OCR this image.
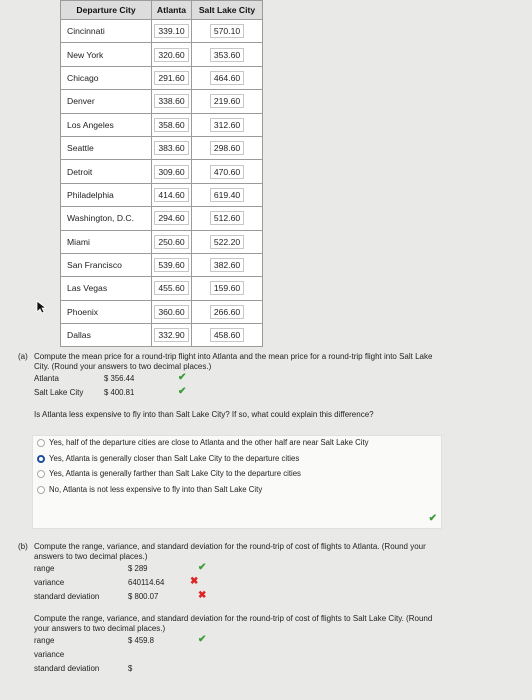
Departure City	Atlanta	Salt Lake City
Cincinnati	339.10	570.10
New York	320.60	353.60
Chicago	291.60	464.60
Denver	338.60	219.60
Los Angeles	358.60	312.60
Seattle	383.60	298.60
Detroit	309.60	470.60
Philadelphia	414.60	619.40
Washington, D.C.	294.60	512.60
Miami	250.60	522.20
San Francisco	539.60	382.60
Las Vegas	455.60	159.60
Phoenix	360.60	266.60
Dallas	332.90	458.60
(a) Compute the mean price for a round-trip flight into Atlanta and the mean price for a round-trip flight into Salt Lake
City. (Round your answers to two decimal places.)
Atlanta	$ 356.44	✔
Salt Lake City	$ 400.81	✔
Is Atlanta less expensive to fly into than Salt Lake City? If so, what could explain this difference?
Yes, half of the departure cities are close to Atlanta and the other half are near Salt Lake City
Yes, Atlanta is generally closer than Salt Lake City to the departure cities
Yes, Atlanta is generally farther than Salt Lake City to the departure cities
No, Atlanta is not less expensive to fly into than Salt Lake City
✔
(b) Compute the range, variance, and standard deviation for the round-trip of cost of flights to Atlanta. (Round your
answers to two decimal places.)
range	$ 289	✔
variance	640114.64	✖
standard deviation	$ 800.07	✖
Compute the range, variance, and standard deviation for the round-trip of cost of flights to Salt Lake City. (Round
your answers to two decimal places.)
range	$ 459.8	✔
variance
standard deviation	$
